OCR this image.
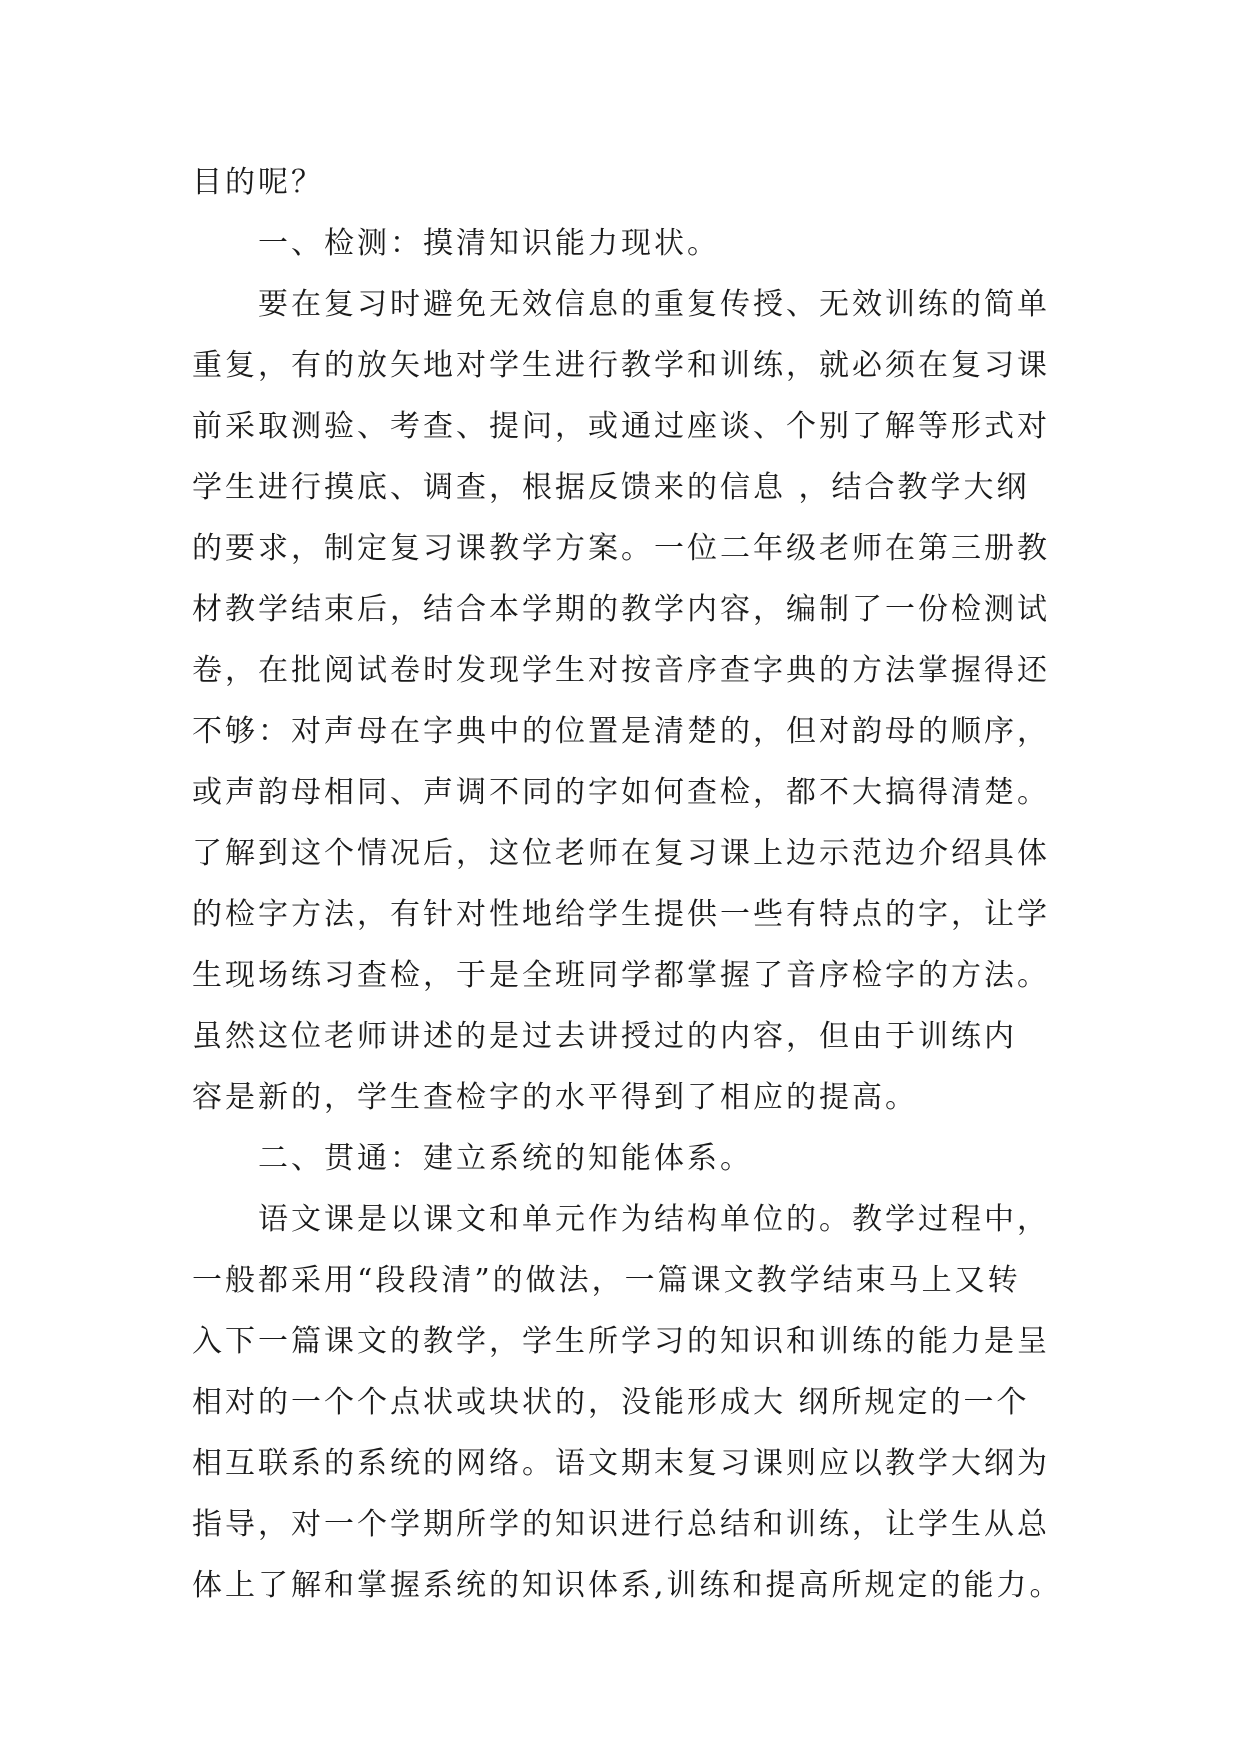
目的呢？
一、检测：摸清知识能力现状。
要在复习时避免无效信息的重复传授、无效训练的简单
重复，有的放矢地对学生进行教学和训练，就必须在复习课
前采取测验、考查、提问，或通过座谈、个别了解等形式对
学生进行摸底、调查，根据反馈来的信息 ，结合教学大纲
的要求，制定复习课教学方案。一位二年级老师在第三册教
材教学结束后，结合本学期的教学内容，编制了一份检测试
卷，在批阅试卷时发现学生对按音序查字典的方法掌握得还
不够：对声母在字典中的位置是清楚的，但对韵母的顺序，
或声韵母相同、声调不同的字如何查检，都不大搞得清楚。
了解到这个情况后，这位老师在复习课上边示范边介绍具体
的检字方法，有针对性地给学生提供一些有特点的字，让学
生现场练习查检，于是全班同学都掌握了音序检字的方法。
虽然这位老师讲述的是过去讲授过的内容，但由于训练内
容是新的，学生查检字的水平得到了相应的提高。
二、贯通：建立系统的知能体系。
语文课是以课文和单元作为结构单位的。教学过程中，
一般都采用“段段清”的做法，一篇课文教学结束马上又转
入下一篇课文的教学，学生所学习的知识和训练的能力是呈
相对的一个个点状或块状的，没能形成大 纲所规定的一个
相互联系的系统的网络。语文期末复习课则应以教学大纲为
指导，对一个学期所学的知识进行总结和训练，让学生从总
体上了解和掌握系统的知识体系,训练和提高所规定的能力。
